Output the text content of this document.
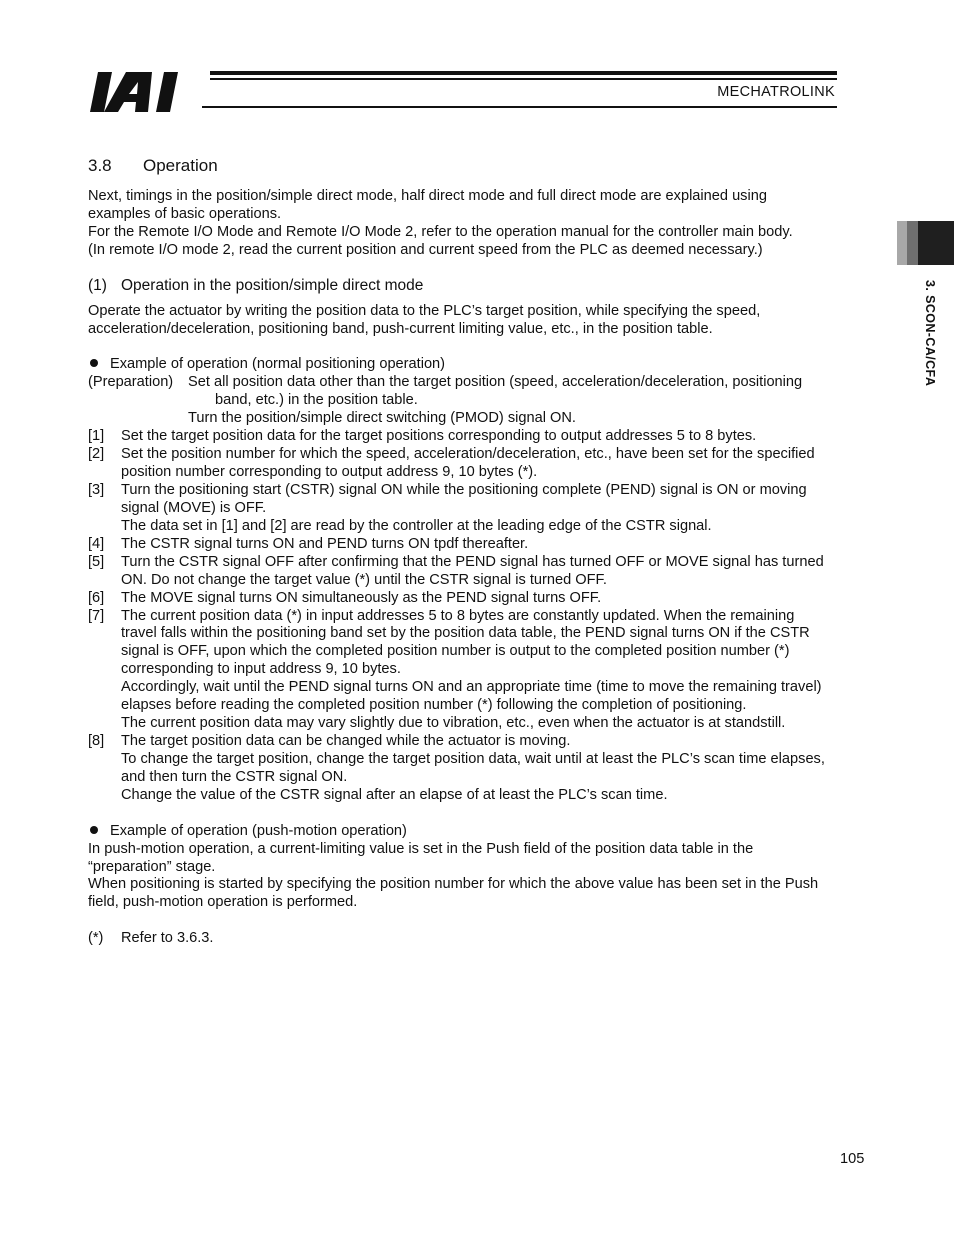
MECHATROLINK
3. SCON-CA/CFA
3.8 Operation
Next, timings in the position/simple direct mode, half direct mode and full direct mode are explained using
examples of basic operations.
For the Remote I/O Mode and Remote I/O Mode 2, refer to the operation manual for the controller main body.
(In remote I/O mode 2, read the current position and current speed from the PLC as deemed necessary.)
(1) Operation in the position/simple direct mode
Operate the actuator by writing the position data to the PLC’s target position, while specifying the speed,
acceleration/deceleration, positioning band, push-current limiting value, etc., in the position table.
Example of operation (normal positioning operation)
(Preparation) Set all position data other than the target position (speed, acceleration/deceleration, positioning
band, etc.) in the position table.
Turn the position/simple direct switching (PMOD) signal ON.
[1] Set the target position data for the target positions corresponding to output addresses 5 to 8 bytes.
[2] Set the position number for which the speed, acceleration/deceleration, etc., have been set for the specified
position number corresponding to output address 9, 10 bytes (*).
[3] Turn the positioning start (CSTR) signal ON while the positioning complete (PEND) signal is ON or moving
signal (MOVE) is OFF.
The data set in [1] and [2] are read by the controller at the leading edge of the CSTR signal.
[4] The CSTR signal turns ON and PEND turns ON tpdf thereafter.
[5] Turn the CSTR signal OFF after confirming that the PEND signal has turned OFF or MOVE signal has turned
ON. Do not change the target value (*) until the CSTR signal is turned OFF.
[6] The MOVE signal turns ON simultaneously as the PEND signal turns OFF.
[7] The current position data (*) in input addresses 5 to 8 bytes are constantly updated. When the remaining
travel falls within the positioning band set by the position data table, the PEND signal turns ON if the CSTR
signal is OFF, upon which the completed position number is output to the completed position number (*)
corresponding to input address 9, 10 bytes.
Accordingly, wait until the PEND signal turns ON and an appropriate time (time to move the remaining travel)
elapses before reading the completed position number (*) following the completion of positioning.
The current position data may vary slightly due to vibration, etc., even when the actuator is at standstill.
[8] The target position data can be changed while the actuator is moving.
To change the target position, change the target position data, wait until at least the PLC’s scan time elapses,
and then turn the CSTR signal ON.
Change the value of the CSTR signal after an elapse of at least the PLC’s scan time.
Example of operation (push-motion operation)
In push-motion operation, a current-limiting value is set in the Push field of the position data table in the
“preparation” stage.
When positioning is started by specifying the position number for which the above value has been set in the Push
field, push-motion operation is performed.
(*) Refer to 3.6.3.
105
